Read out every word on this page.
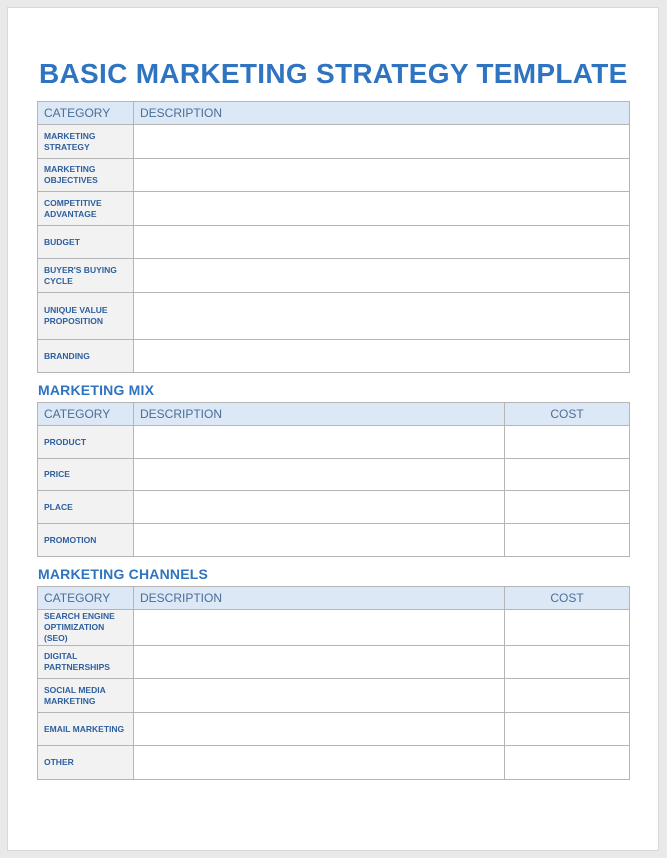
BASIC MARKETING STRATEGY TEMPLATE
CATEGORY	DESCRIPTION
MARKETING STRATEGY	
MARKETING OBJECTIVES	
COMPETITIVE ADVANTAGE	
BUDGET	
BUYER'S BUYING CYCLE	
UNIQUE VALUE PROPOSITION	
BRANDING	
MARKETING MIX
CATEGORY	DESCRIPTION	COST
PRODUCT		
PRICE		
PLACE		
PROMOTION		
MARKETING CHANNELS
CATEGORY	DESCRIPTION	COST
SEARCH ENGINE OPTIMIZATION (SEO)		
DIGITAL PARTNERSHIPS		
SOCIAL MEDIA MARKETING		
EMAIL MARKETING		
OTHER		
